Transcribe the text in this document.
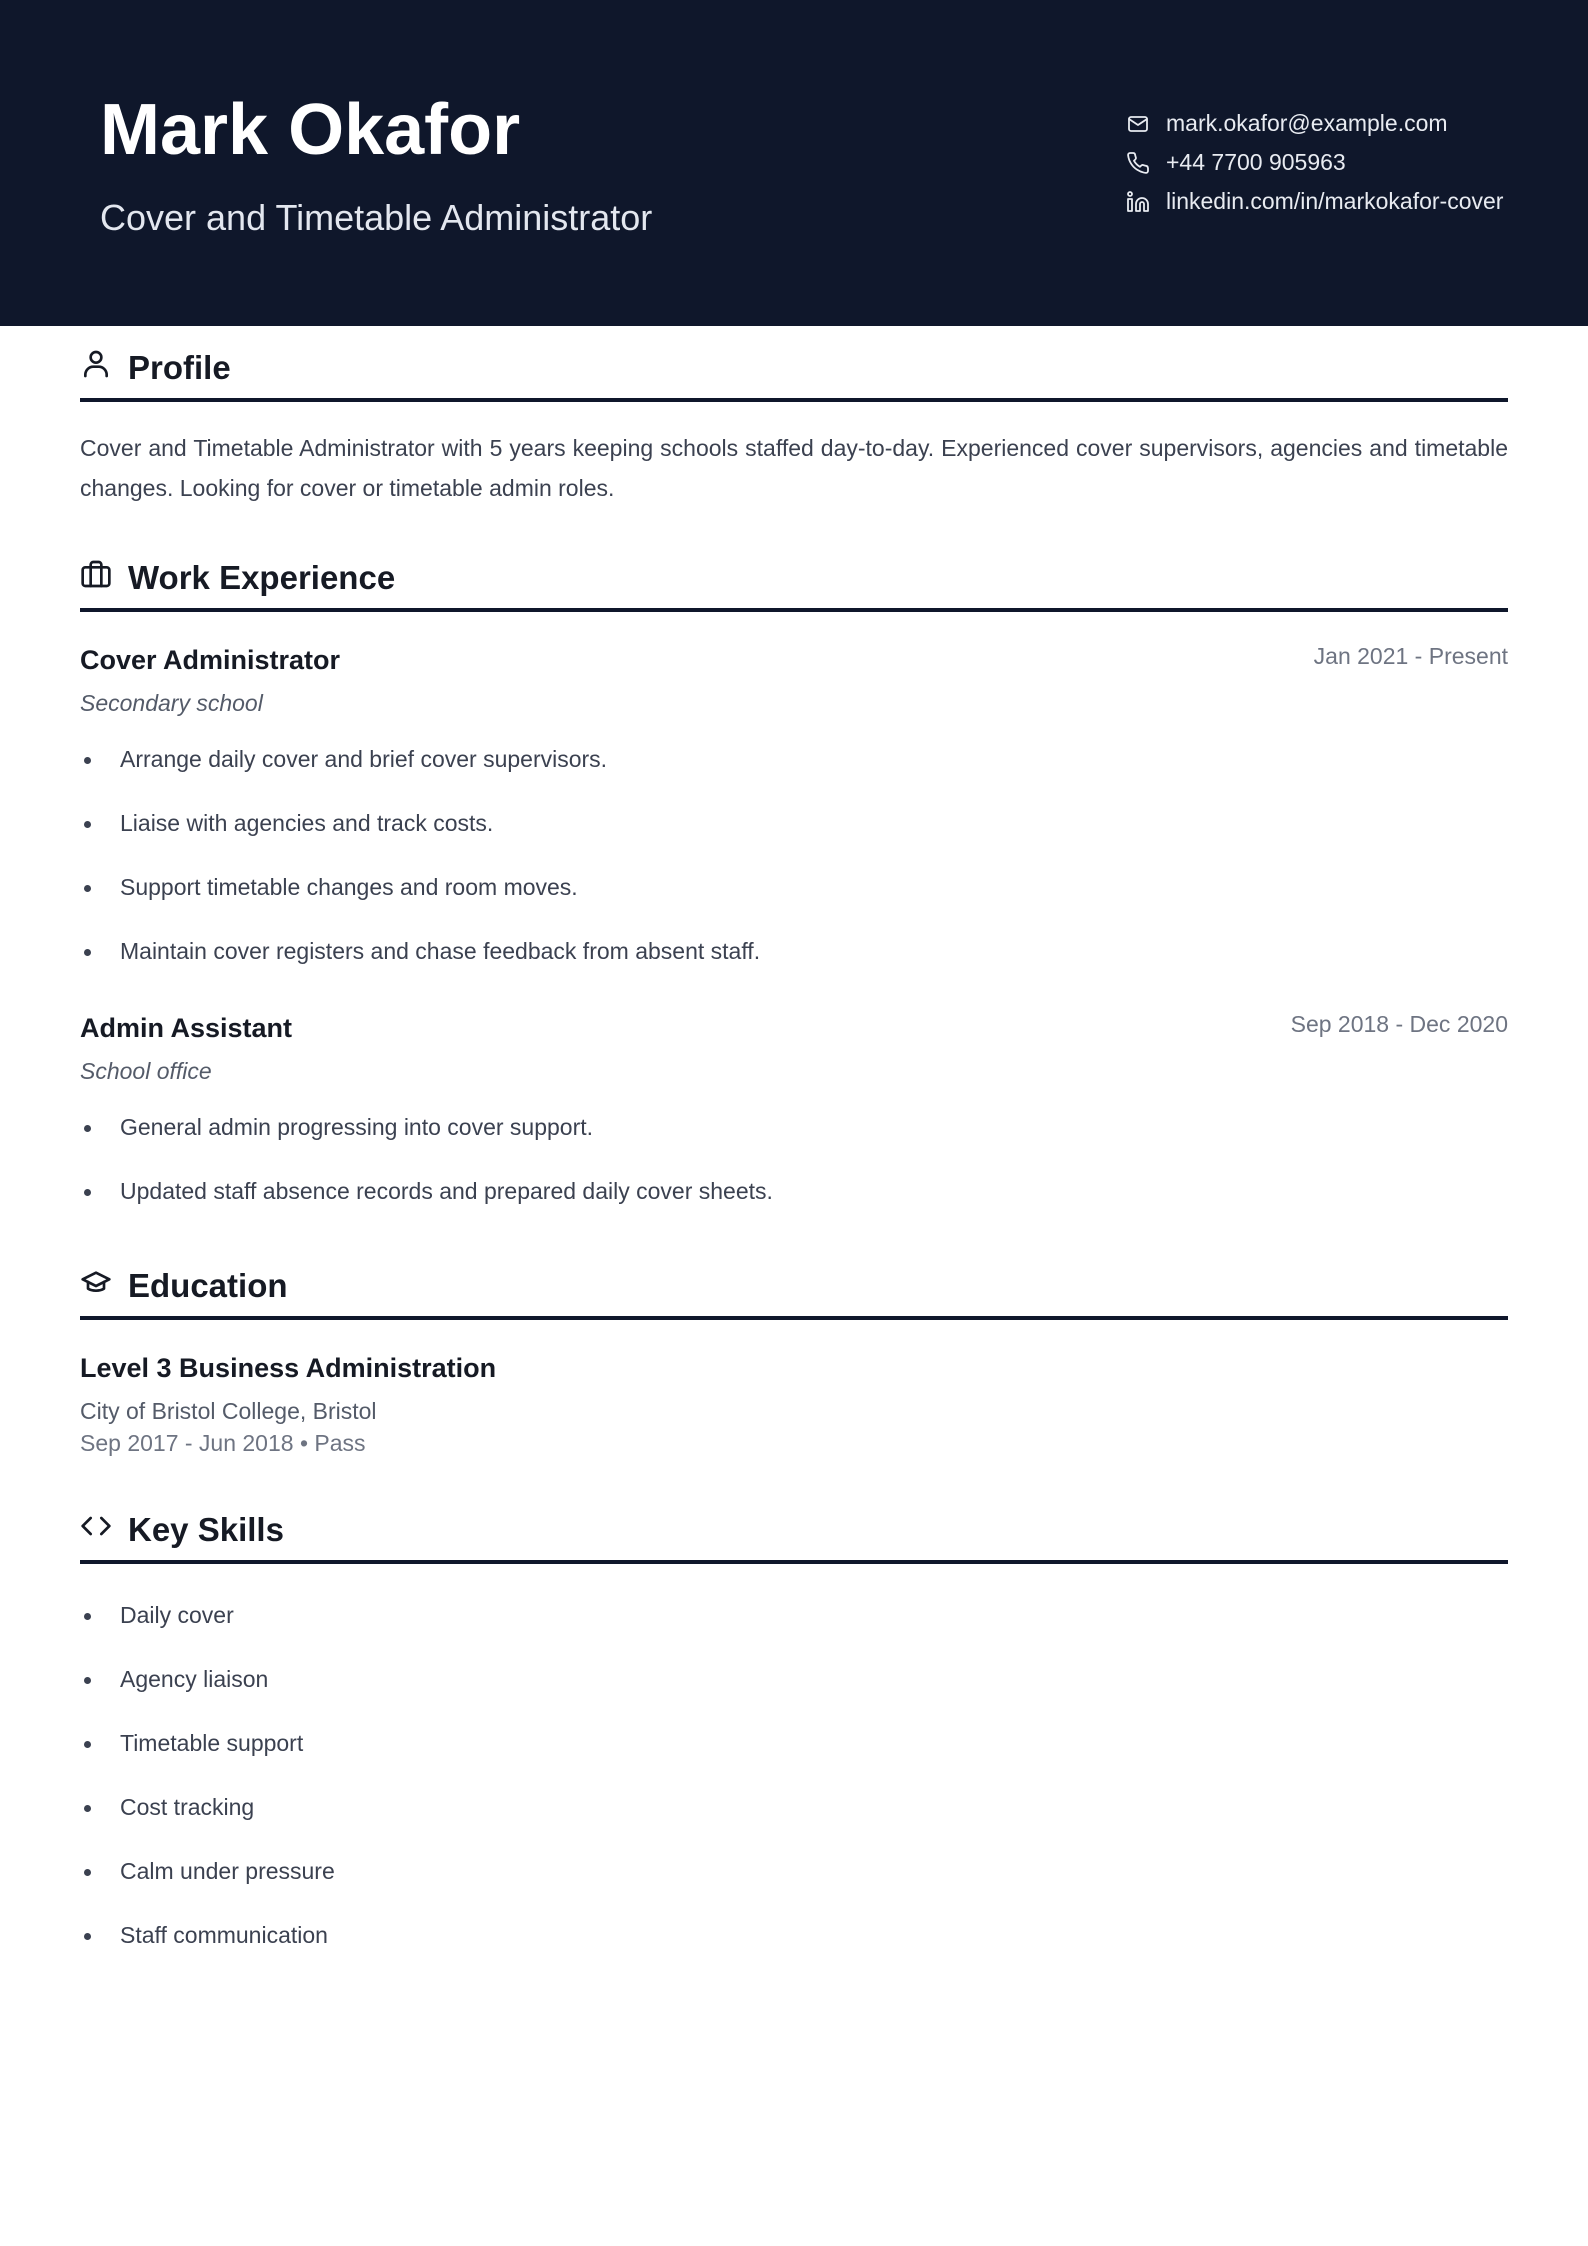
Mark Okafor
Cover and Timetable Administrator
mark.okafor@example.com
+44 7700 905963
linkedin.com/in/markokafor-cover
Profile
Cover and Timetable Administrator with 5 years keeping schools staffed day-to-day. Experienced cover supervisors, agencies and timetable changes. Looking for cover or timetable admin roles.
Work Experience
Cover Administrator	Jan 2021 - Present
Secondary school
Arrange daily cover and brief cover supervisors.
Liaise with agencies and track costs.
Support timetable changes and room moves.
Maintain cover registers and chase feedback from absent staff.
Admin Assistant	Sep 2018 - Dec 2020
School office
General admin progressing into cover support.
Updated staff absence records and prepared daily cover sheets.
Education
Level 3 Business Administration
City of Bristol College, Bristol
Sep 2017 - Jun 2018 • Pass
Key Skills
Daily cover
Agency liaison
Timetable support
Cost tracking
Calm under pressure
Staff communication
